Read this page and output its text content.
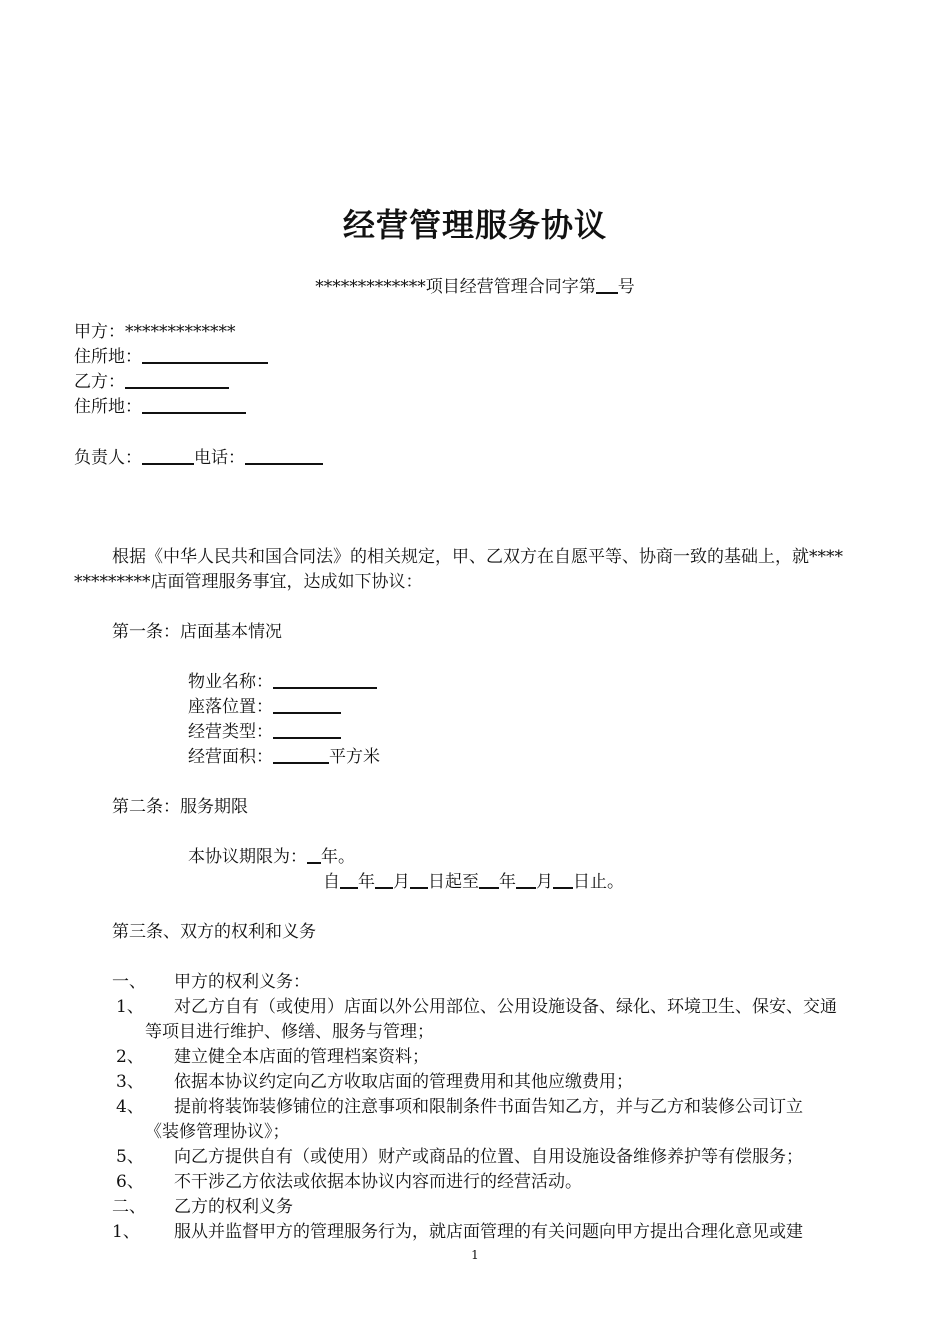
经营管理服务协议
*************项目经营管理合同字第 号
甲方：*************
住所地：
乙方：
住所地：
负责人：	电话：
根据《中华人民共和国合同法》的相关规定，甲、乙双方在自愿平等、协商一致的基础上，就****
*********店面管理服务事宜，达成如下协议：
第一条：店面基本情况
物业名称：
座落位置：
经营类型：
经营面积：	平方米
第二条：服务期限
本协议期限为： 年。
自 年 月 日起至 年 月 日止。
第三条、双方的权利和义务
一、 甲方的权利义务：
1、 对乙方自有（或使用）店面以外公用部位、公用设施设备、绿化、环境卫生、保安、交通
等项目进行维护、修缮、服务与管理；
2、 建立健全本店面的管理档案资料；
3、 依据本协议约定向乙方收取店面的管理费用和其他应缴费用；
4、 提前将装饰装修铺位的注意事项和限制条件书面告知乙方，并与乙方和装修公司订立
《装修管理协议》；
5、 向乙方提供自有（或使用）财产或商品的位置、自用设施设备维修养护等有偿服务；
6、 不干涉乙方依法或依据本协议内容而进行的经营活动。
二、 乙方的权利义务
1、 服从并监督甲方的管理服务行为，就店面管理的有关问题向甲方提出合理化意见或建
1
